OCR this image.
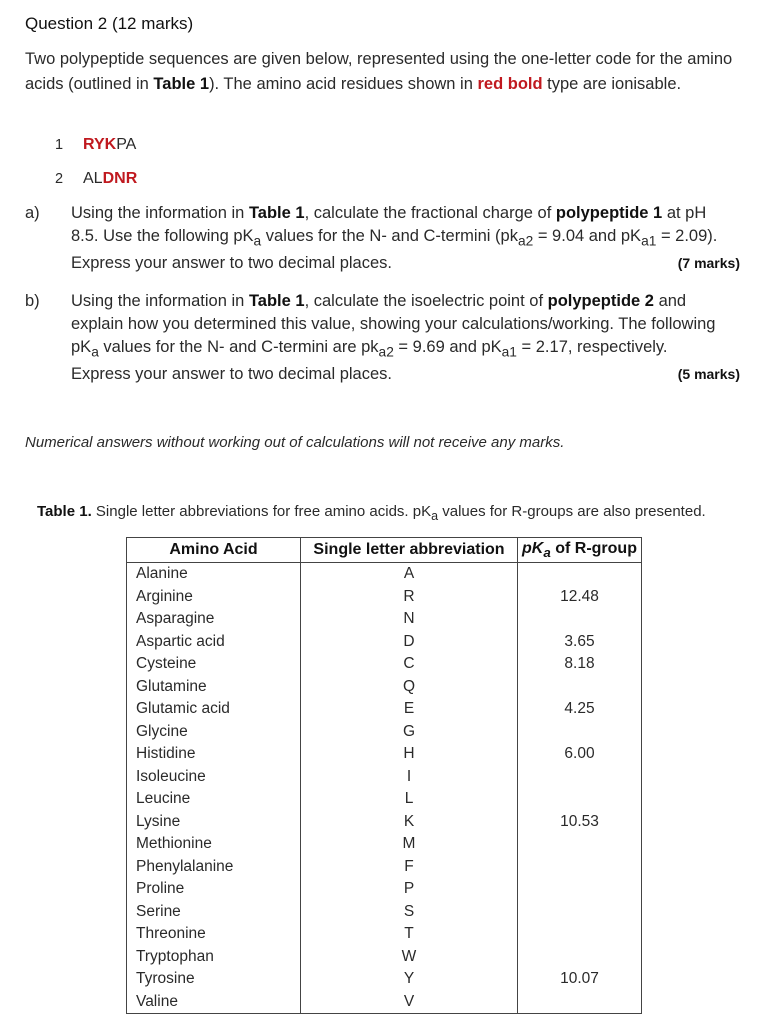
Question 2 (12 marks)
Two polypeptide sequences are given below, represented using the one-letter code for the amino acids (outlined in Table 1). The amino acid residues shown in red bold type are ionisable.
1 RYKPA
2 ALDNR
a) Using the information in Table 1, calculate the fractional charge of polypeptide 1 at pH 8.5. Use the following $pK_a$ values for the N- and C-termini ($pk_{a2} = 9.04$ and $pK_{a1} = 2.09$). Express your answer to two decimal places.	(7 marks)
b) Using the information in Table 1, calculate the isoelectric point of polypeptide 2 and explain how you determined this value, showing your calculations/working. The following $pK_a$ values for the N- and C-termini are $pk_{a2} = 9.69$ and $pK_{a1} = 2.17$, respectively. Express your answer to two decimal places.	(5 marks)
Numerical answers without working out of calculations will not receive any marks.
Table 1. Single letter abbreviations for free amino acids. $pK_a$ values for R-groups are also presented.
Amino Acid	Single letter abbreviation	$pK_a$ of R-group
Alanine	A	
Arginine	R	12.48
Asparagine	N	
Aspartic acid	D	3.65
Cysteine	C	8.18
Glutamine	Q	
Glutamic acid	E	4.25
Glycine	G	
Histidine	H	6.00
Isoleucine	I	
Leucine	L	
Lysine	K	10.53
Methionine	M	
Phenylalanine	F	
Proline	P	
Serine	S	
Threonine	T	
Tryptophan	W	
Tyrosine	Y	10.07
Valine	V	
